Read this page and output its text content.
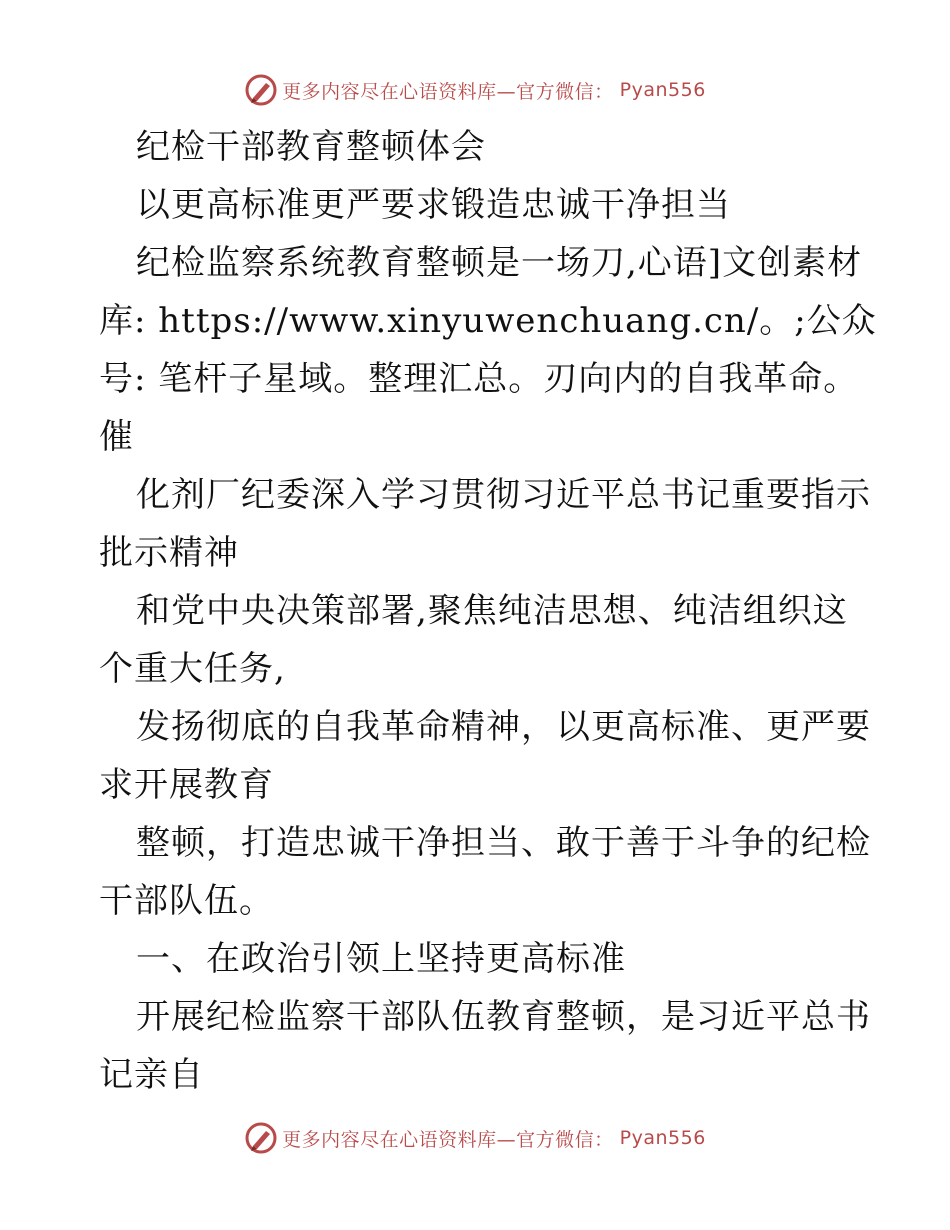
更多内容尽在心语资料库—官方微信： Pyan556
纪检干部教育整顿体会
以更高标准更严要求锻造忠诚干净担当
纪检监察系统教育整顿是一场刀,心语]文创素材
库: https://www.xinyuwenchuang.cn/。;公众
号: 笔杆子星域。整理汇总。刃向内的自我革命。
催
化剂厂纪委深入学习贯彻习近平总书记重要指示
批示精神
和党中央决策部署,聚焦纯洁思想、纯洁组织这
个重大任务,
发扬彻底的自我革命精神，以更高标准、更严要
求开展教育
整顿，打造忠诚干净担当、敢于善于斗争的纪检
干部队伍。
一、在政治引领上坚持更高标准
开展纪检监察干部队伍教育整顿，是习近平总书
记亲自
更多内容尽在心语资料库—官方微信： Pyan556
